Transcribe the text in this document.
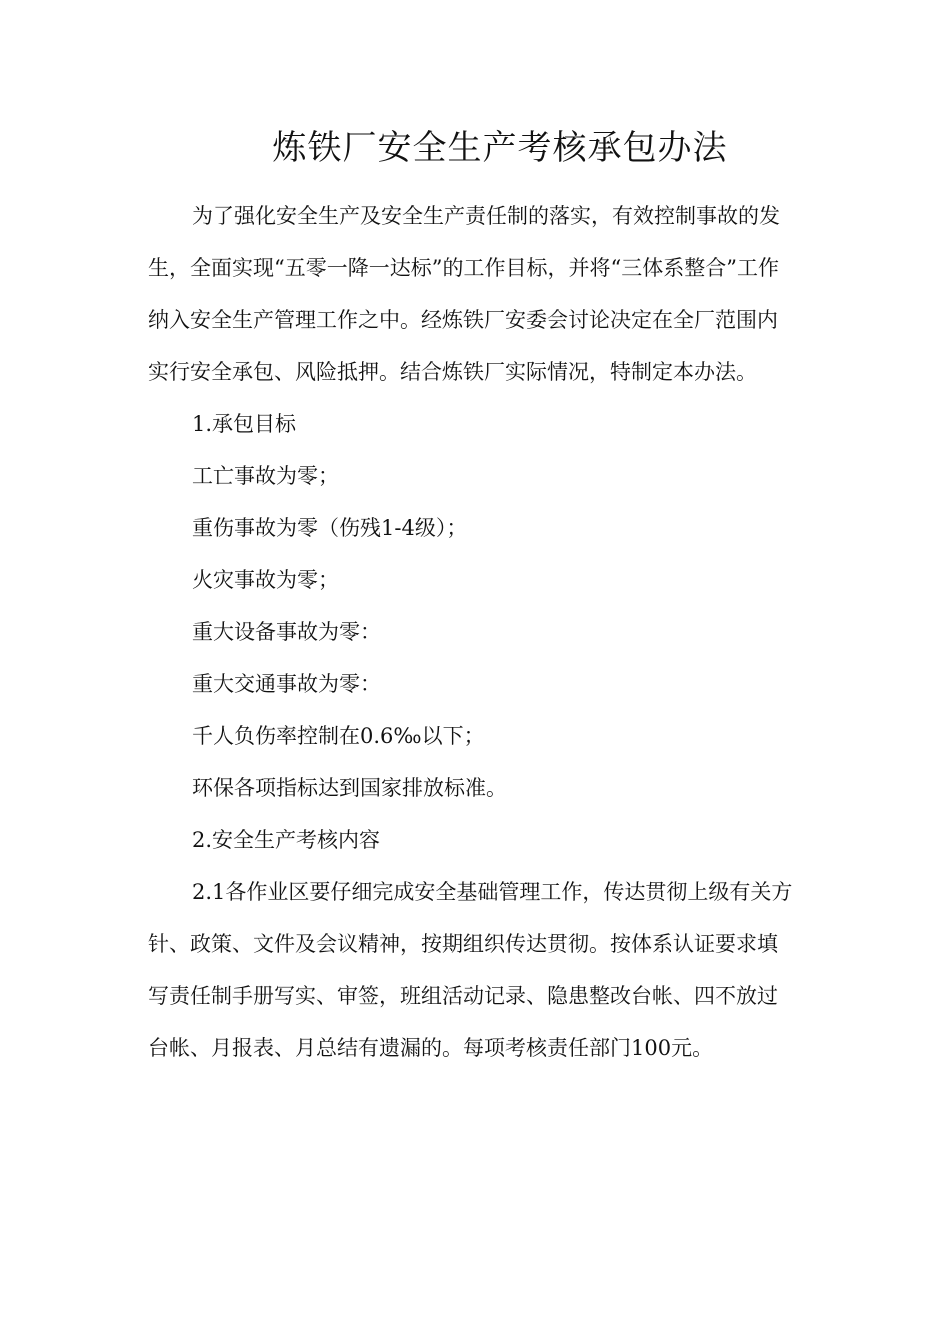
炼铁厂安全生产考核承包办法

为了强化安全生产及安全生产责任制的落实，有效控制事故的发生，全面实现“五零一降一达标”的工作目标，并将“三体系整合”工作纳入安全生产管理工作之中。经炼铁厂安委会讨论决定在全厂范围内实行安全承包、风险抵押。结合炼铁厂实际情况，特制定本办法。

1.承包目标

工亡事故为零；

重伤事故为零（伤残1-4级）；

火灾事故为零；

重大设备事故为零：

重大交通事故为零：

千人负伤率控制在0.6‰以下；

环保各项指标达到国家排放标准。

2.安全生产考核内容

2.1各作业区要仔细完成安全基础管理工作，传达贯彻上级有关方针、政策、文件及会议精神，按期组织传达贯彻。按体系认证要求填写责任制手册写实、审签，班组活动记录、隐患整改台帐、四不放过台帐、月报表、月总结有遗漏的。每项考核责任部门100元。
